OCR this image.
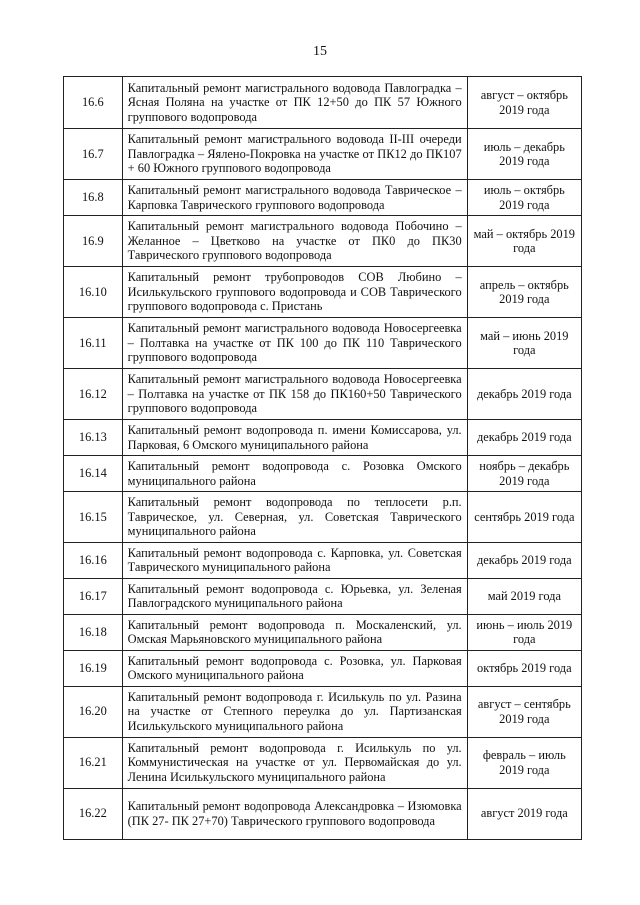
15
16.6	Капитальный ремонт магистрального водовода Павлоградка – Ясная Поляна на участке от ПК 12+50 до ПК 57 Южного группового водопровода	август – октябрь 2019 года
16.7	Капитальный ремонт магистрального водовода II-III очереди Павлоградка – Яялено-Покровка на участке от ПК12 до ПК107 + 60 Южного группового водопровода	июль – декабрь 2019 года
16.8	Капитальный ремонт магистрального водовода Таврическое – Карповка Таврического группового водопровода	июль – октябрь 2019 года
16.9	Капитальный ремонт магистрального водовода Побочино – Желанное – Цветково на участке от ПК0 до ПК30 Таврического группового водопровода	май – октябрь 2019 года
16.10	Капитальный ремонт трубопроводов СОВ Любино – Исилькульского группового водопровода и СОВ Таврического группового водопровода с. Пристань	апрель – октябрь 2019 года
16.11	Капитальный ремонт магистрального водовода Новосергеевка – Полтавка на участке от ПК 100 до ПК 110 Таврического группового водопровода	май – июнь 2019 года
16.12	Капитальный ремонт магистрального водовода Новосергеевка – Полтавка на участке от ПК 158 до ПК160+50 Таврического группового водопровода	декабрь 2019 года
16.13	Капитальный ремонт водопровода п. имени Комиссарова, ул. Парковая, 6 Омского муниципального района	декабрь 2019 года
16.14	Капитальный ремонт водопровода с. Розовка Омского муниципального района	ноябрь – декабрь 2019 года
16.15	Капитальный ремонт водопровода по теплосети р.п. Таврическое, ул. Северная, ул. Советская Таврического муниципального района	сентябрь 2019 года
16.16	Капитальный ремонт водопровода с. Карповка, ул. Советская Таврического муниципального района	декабрь 2019 года
16.17	Капитальный ремонт водопровода с. Юрьевка, ул. Зеленая Павлоградского муниципального района	май 2019 года
16.18	Капитальный ремонт водопровода п. Москаленский, ул. Омская Марьяновского муниципального района	июнь – июль 2019 года
16.19	Капитальный ремонт водопровода с. Розовка, ул. Парковая Омского муниципального района	октябрь 2019 года
16.20	Капитальный ремонт водопровода г. Исилькуль по ул. Разина на участке от Степного переулка до ул. Партизанская Исилькульского муниципального района	август – сентябрь 2019 года
16.21	Капитальный ремонт водопровода г. Исилькуль по ул. Коммунистическая на участке от ул. Первомайская до ул. Ленина Исилькульского муниципального района	февраль – июль 2019 года
16.22	Капитальный ремонт водопровода Александровка – Изюмовка (ПК 27- ПК 27+70) Таврического группового водопровода	август 2019 года
